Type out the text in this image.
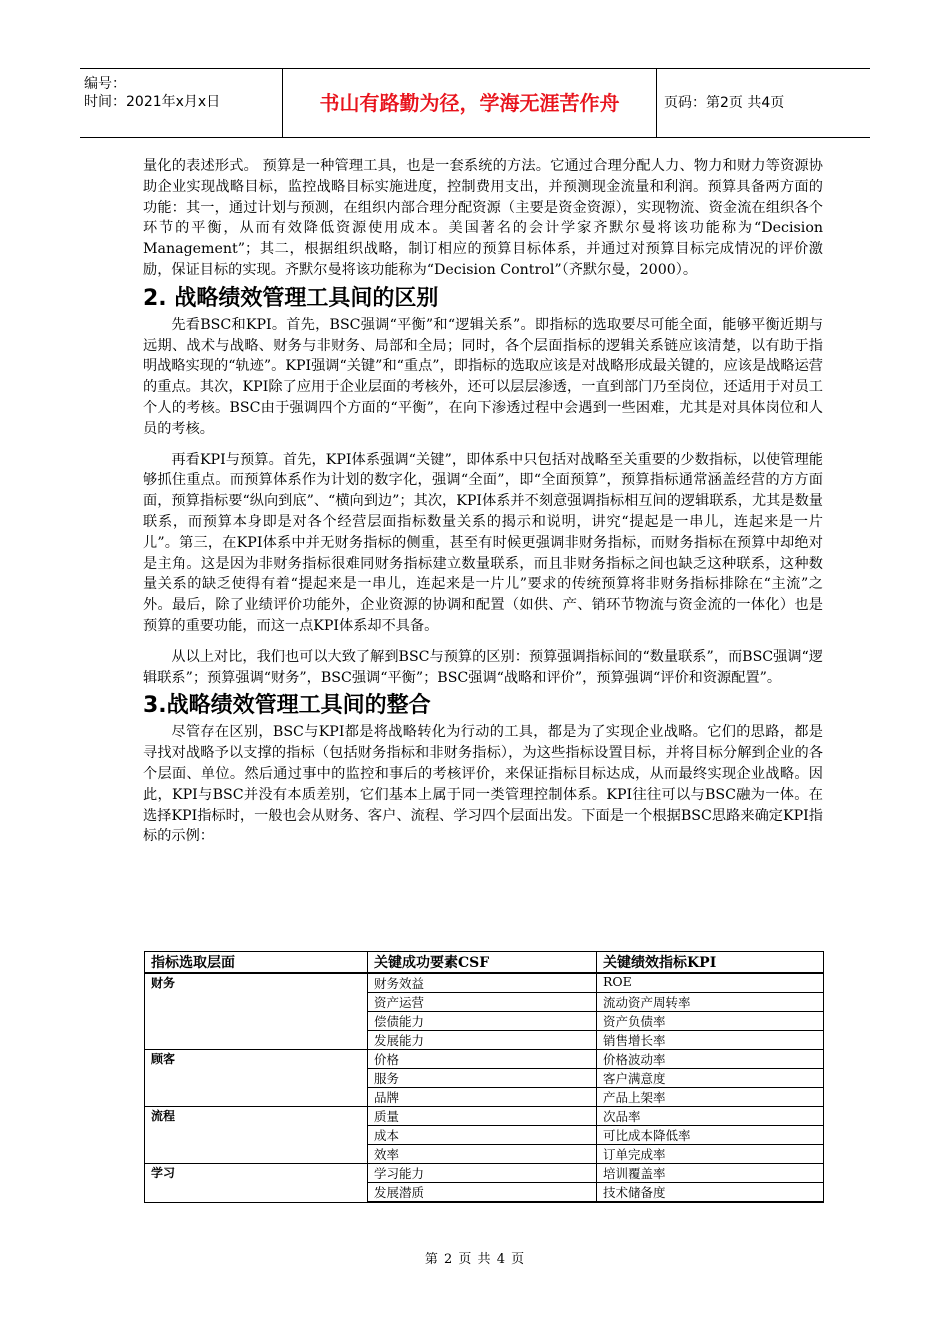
编号：
时间：2021年x月x日	书山有路勤为径，学海无涯苦作舟	页码：第2页 共4页

量化的表述形式。 预算是一种管理工具，也是一套系统的方法。它通过合理分配人力、物力和财力等资源协助企业实现战略目标，监控战略目标实施进度，控制费用支出，并预测现金流量和利润。预算具备两方面的功能：其一，通过计划与预测，在组织内部合理分配资源（主要是资金资源），实现物流、资金流在组织各个环节的平衡，从而有效降低资源使用成本。美国著名的会计学家齐默尔曼将该功能称为“Decision Management”；其二，根据组织战略，制订相应的预算目标体系，并通过对预算目标完成情况的评价激励，保证目标的实现。齐默尔曼将该功能称为“Decision Control”（齐默尔曼，2000）。

2. 战略绩效管理工具间的区别

先看BSC和KPI。首先，BSC强调“平衡”和“逻辑关系”。即指标的选取要尽可能全面，能够平衡近期与远期、战术与战略、财务与非财务、局部和全局；同时，各个层面指标的逻辑关系链应该清楚，以有助于指明战略实现的“轨迹”。KPI强调“关键”和“重点”，即指标的选取应该是对战略形成最关键的，应该是战略运营的重点。其次，KPI除了应用于企业层面的考核外，还可以层层渗透，一直到部门乃至岗位，还适用于对员工个人的考核。BSC由于强调四个方面的“平衡”，在向下渗透过程中会遇到一些困难，尤其是对具体岗位和人员的考核。

再看KPI与预算。首先，KPI体系强调“关键”，即体系中只包括对战略至关重要的少数指标，以使管理能够抓住重点。而预算体系作为计划的数字化，强调“全面”，即“全面预算”，预算指标通常涵盖经营的方方面面，预算指标要“纵向到底”、“横向到边”；其次，KPI体系并不刻意强调指标相互间的逻辑联系，尤其是数量联系，而预算本身即是对各个经营层面指标数量关系的揭示和说明，讲究“提起是一串儿，连起来是一片儿”。第三，在KPI体系中并无财务指标的侧重，甚至有时候更强调非财务指标，而财务指标在预算中却绝对是主角。这是因为非财务指标很难同财务指标建立数量联系，而且非财务指标之间也缺乏这种联系，这种数量关系的缺乏使得有着“提起来是一串儿，连起来是一片儿”要求的传统预算将非财务指标排除在“主流”之外。最后，除了业绩评价功能外，企业资源的协调和配置（如供、产、销环节物流与资金流的一体化）也是预算的重要功能，而这一点KPI体系却不具备。

从以上对比，我们也可以大致了解到BSC与预算的区别：预算强调指标间的“数量联系”，而BSC强调“逻辑联系”；预算强调“财务”，BSC强调“平衡”；BSC强调“战略和评价”，预算强调“评价和资源配置”。

3.战略绩效管理工具间的整合

尽管存在区别，BSC与KPI都是将战略转化为行动的工具，都是为了实现企业战略。它们的思路，都是寻找对战略予以支撑的指标（包括财务指标和非财务指标），为这些指标设置目标，并将目标分解到企业的各个层面、单位。然后通过事中的监控和事后的考核评价，来保证指标目标达成，从而最终实现企业战略。因此，KPI与BSC并没有本质差别，它们基本上属于同一类管理控制体系。KPI往往可以与BSC融为一体。在选择KPI指标时，一般也会从财务、客户、流程、学习四个层面出发。下面是一个根据BSC思路来确定KPI指标的示例：

指标选取层面	关键成功要素CSF	关键绩效指标KPI
财务	财务效益	ROE
	资产运营	流动资产周转率
	偿债能力	资产负债率
	发展能力	销售增长率
顾客	价格	价格波动率
	服务	客户满意度
	品牌	产品上架率
流程	质量	次品率
	成本	可比成本降低率
	效率	订单完成率
学习	学习能力	培训覆盖率
	发展潜质	技术储备度
第 2 页 共 4 页
